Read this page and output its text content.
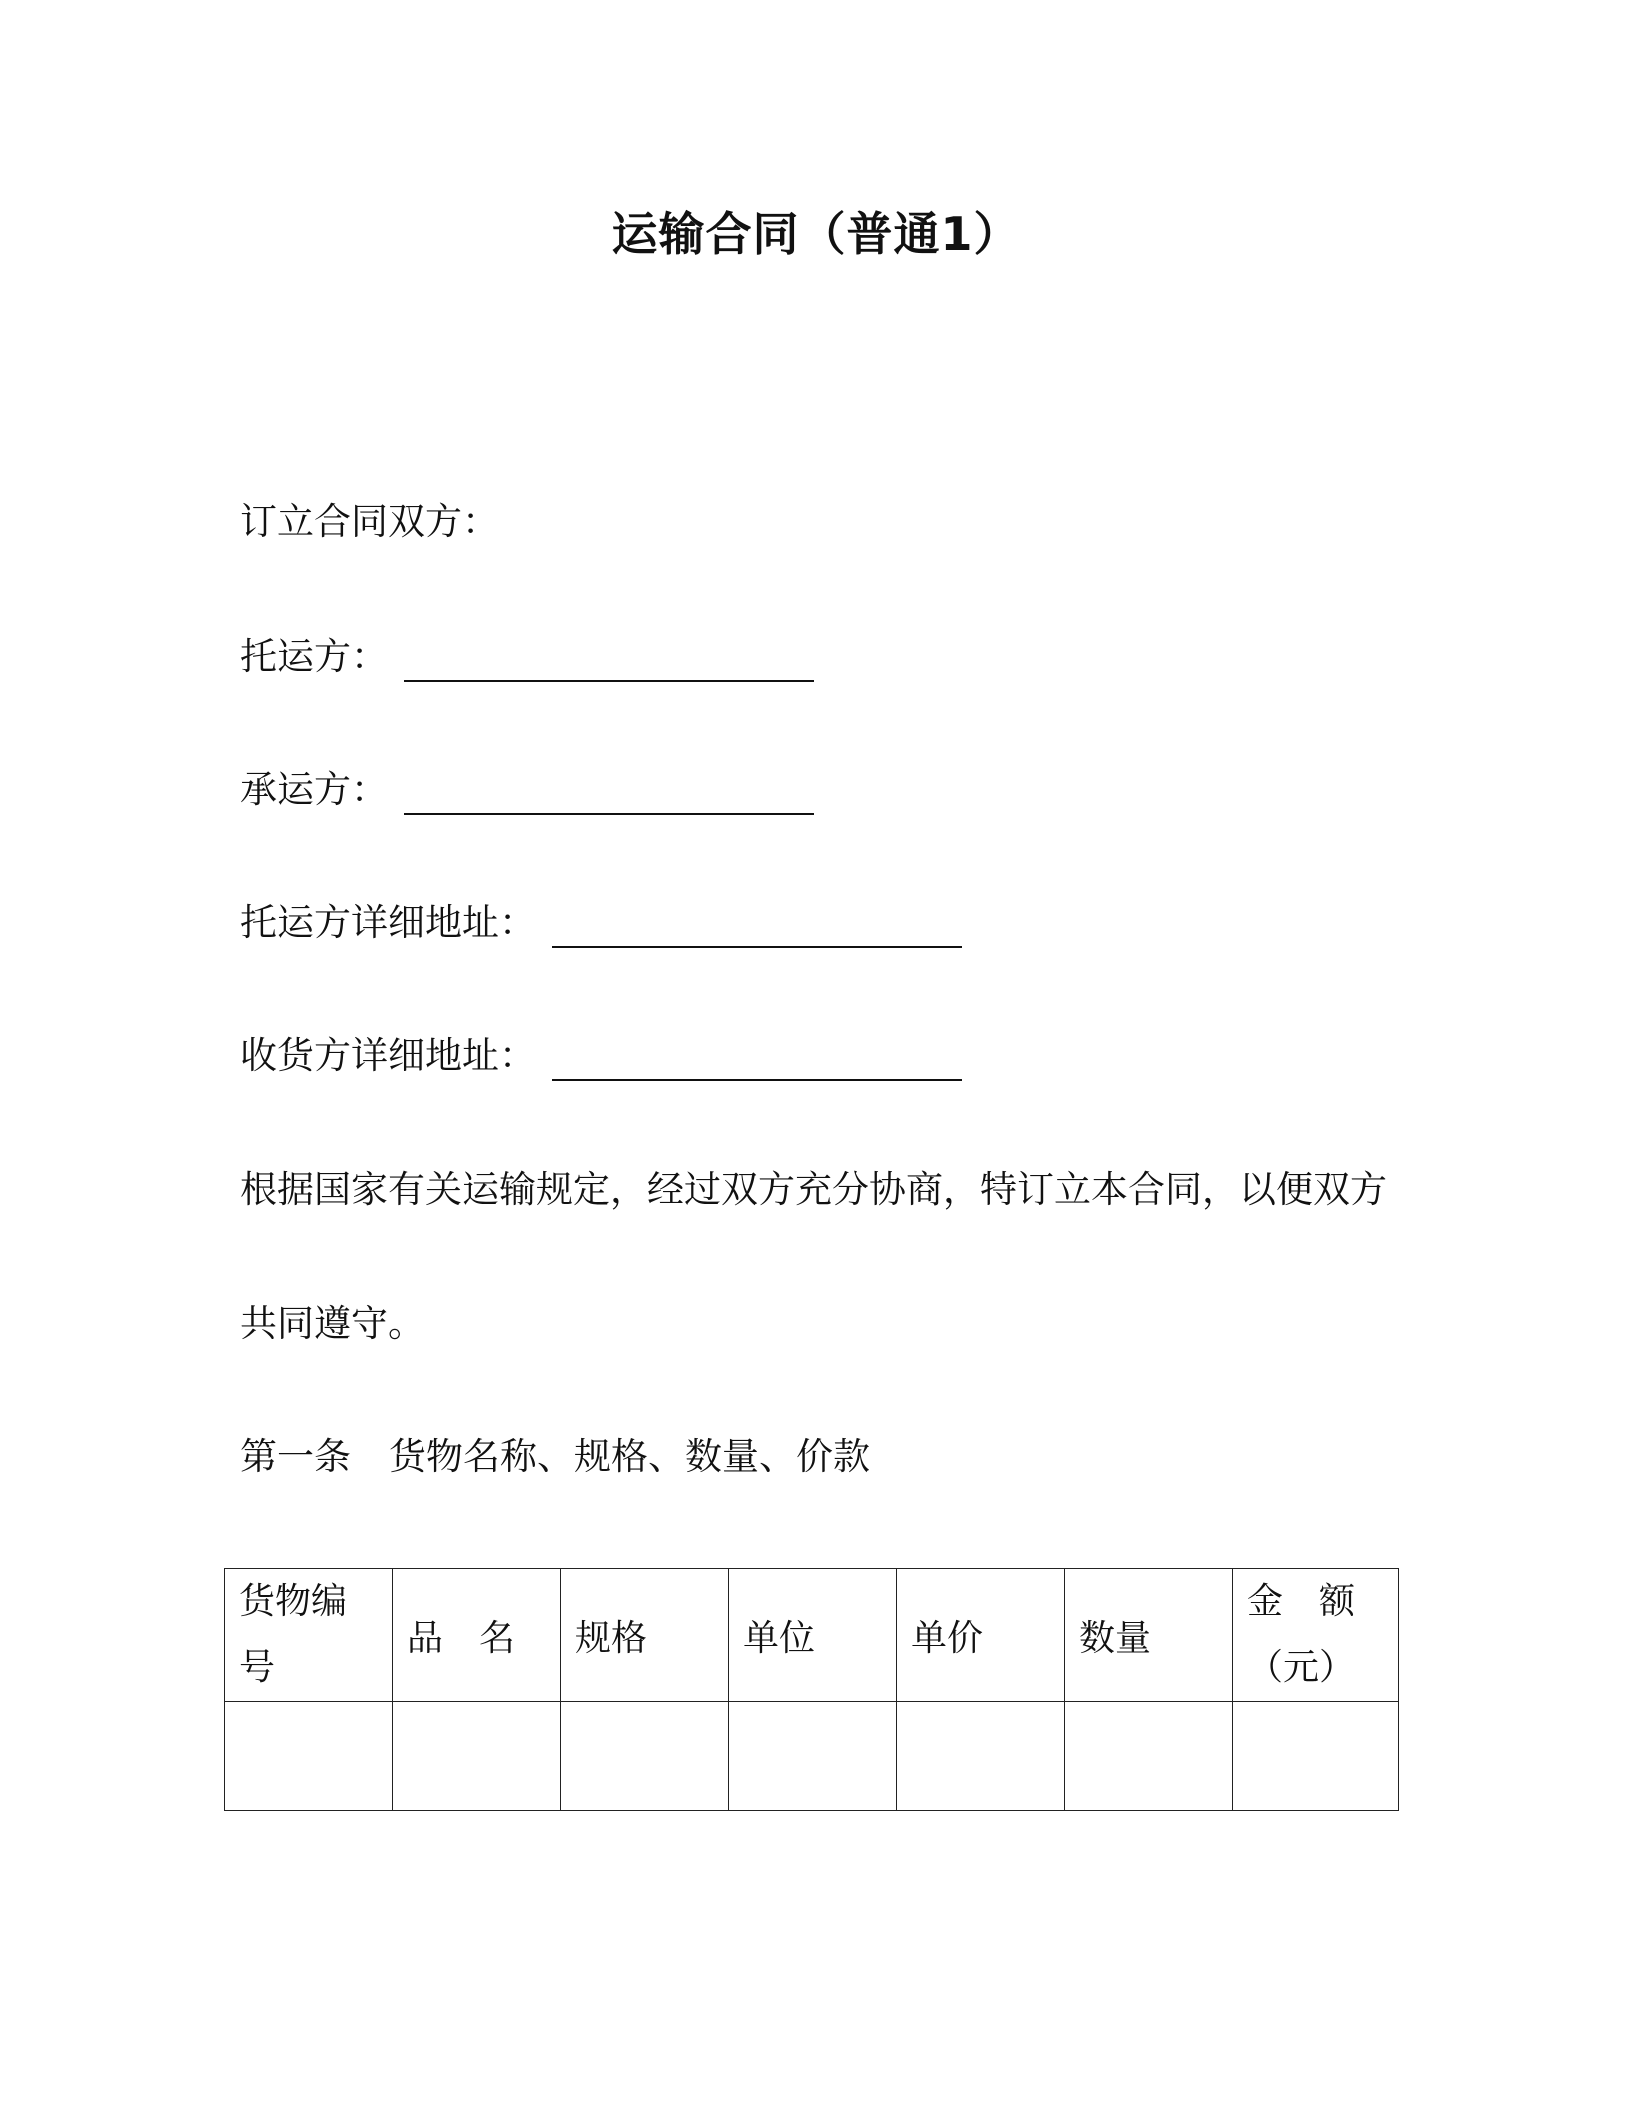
运输合同（普通1）
订立合同双方：
托运方：
承运方：
托运方详细地址：
收货方详细地址：
根据国家有关运输规定，经过双方充分协商，特订立本合同，以便双方
共同遵守。
第一条 货物名称、规格、数量、价款
货物编号	品　名	规格	单位	单价	数量	金　额（元）
